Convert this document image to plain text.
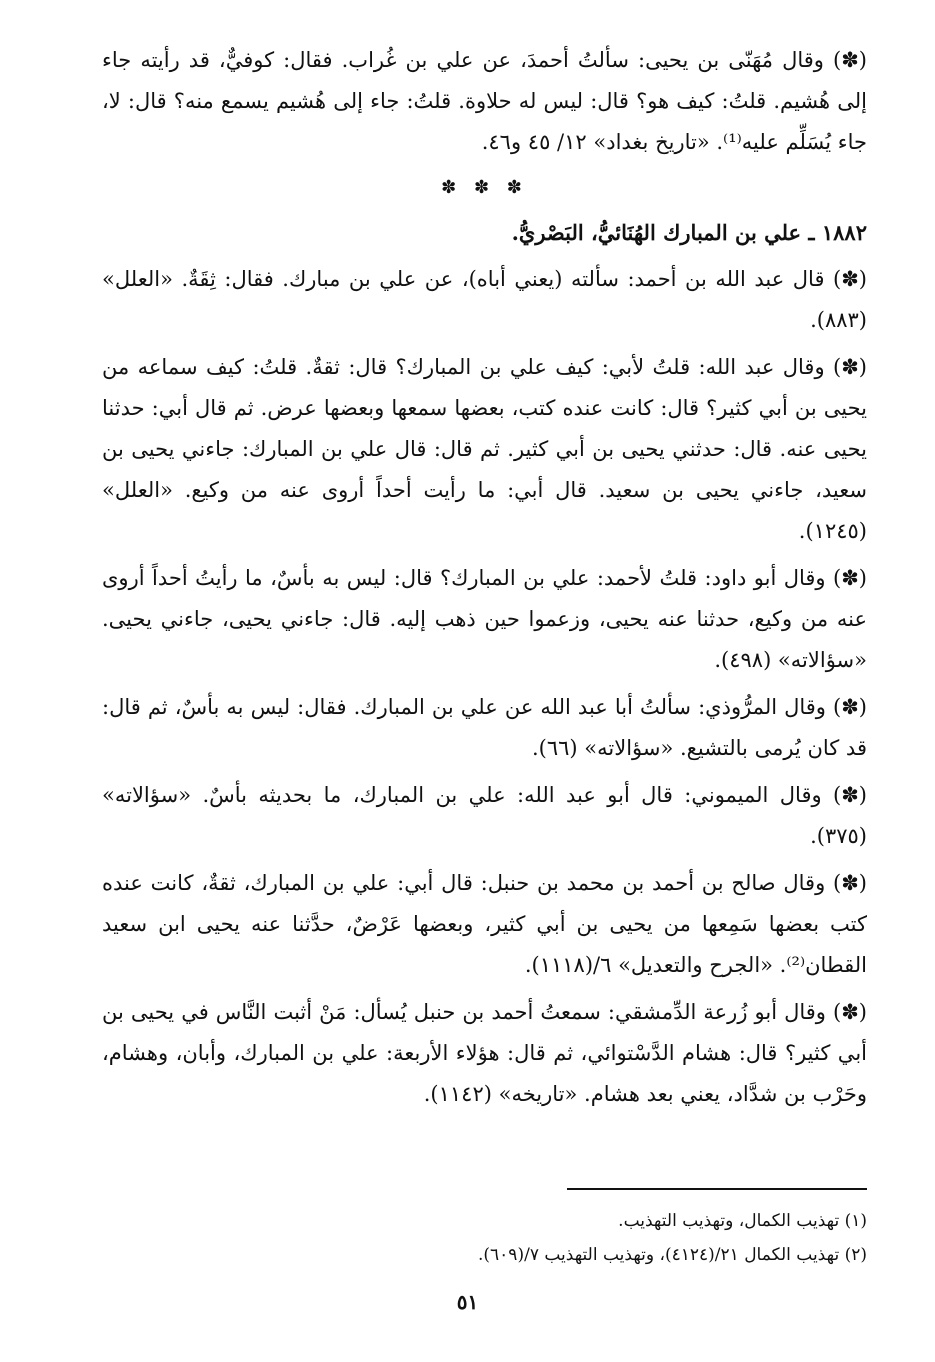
(✽) وقال مُهَنّى بن يحيى: سألتُ أحمدَ، عن علي بن غُراب. فقال: كوفيٌّ، قد رأيته جاء إلى هُشيم. قلتُ: كيف هو؟ قال: ليس له حلاوة. قلتُ: جاء إلى هُشيم يسمع منه؟ قال: لا، جاء يُسَلِّم عليه⁽¹⁾. «تاريخ بغداد» ١٢/ ٤٥ و٤٦.

✽ ✽ ✽

١٨٨٢ ـ علي بن المبارك الهُنَائيُّ، البَصْريُّ.

(✽) قال عبد الله بن أحمد: سألته (يعني أباه)، عن علي بن مبارك. فقال: ثِقَةٌ. «العلل» (٨٨٣).

(✽) وقال عبد الله: قلتُ لأبي: كيف علي بن المبارك؟ قال: ثقةٌ. قلتُ: كيف سماعه من يحيى بن أبي كثير؟ قال: كانت عنده كتب، بعضها سمعها وبعضها عرض. ثم قال أبي: حدثنا يحيى عنه. قال: حدثني يحيى بن أبي كثير. ثم قال: قال علي بن المبارك: جاءني يحيى بن سعيد، جاءني يحيى بن سعيد. قال أبي: ما رأيت أحداً أروى عنه من وكيع. «العلل» (١٢٤٥).

(✽) وقال أبو داود: قلتُ لأحمد: علي بن المبارك؟ قال: ليس به بأسٌ، ما رأيتُ أحداً أروى عنه من وكيع، حدثنا عنه يحيى، وزعموا حين ذهب إليه. قال: جاءني يحيى، جاءني يحيى. «سؤالاته» (٤٩٨).

(✽) وقال المرُّوذي: سألتُ أبا عبد الله عن علي بن المبارك. فقال: ليس به بأسٌ، ثم قال: قد كان يُرمى بالتشيع. «سؤالاته» (٦٦).

(✽) وقال الميموني: قال أبو عبد الله: علي بن المبارك، ما بحديثه بأسٌ. «سؤالاته» (٣٧٥).

(✽) وقال صالح بن أحمد بن محمد بن حنبل: قال أبي: علي بن المبارك، ثقةٌ، كانت عنده كتب بعضها سَمِعها من يحيى بن أبي كثير، وبعضها عَرْضٌ، حدَّثنا عنه يحيى ابن سعيد القطان⁽²⁾. «الجرح والتعديل» ٦/(١١١٨).

(✽) وقال أبو زُرعة الدِّمشقي: سمعتُ أحمد بن حنبل يُسأل: مَنْ أثبت النَّاس في يحيى بن أبي كثير؟ قال: هشام الدَّسْتوائي، ثم قال: هؤلاء الأربعة: علي بن المبارك، وأبان، وهشام، وحَرْب بن شدَّاد، يعني بعد هشام. «تاريخه» (١١٤٢).

(١) تهذيب الكمال، وتهذيب التهذيب.

(٢) تهذيب الكمال ٢١/(٤١٢٤)، وتهذيب التهذيب ٧/(٦٠٩).

٥١
